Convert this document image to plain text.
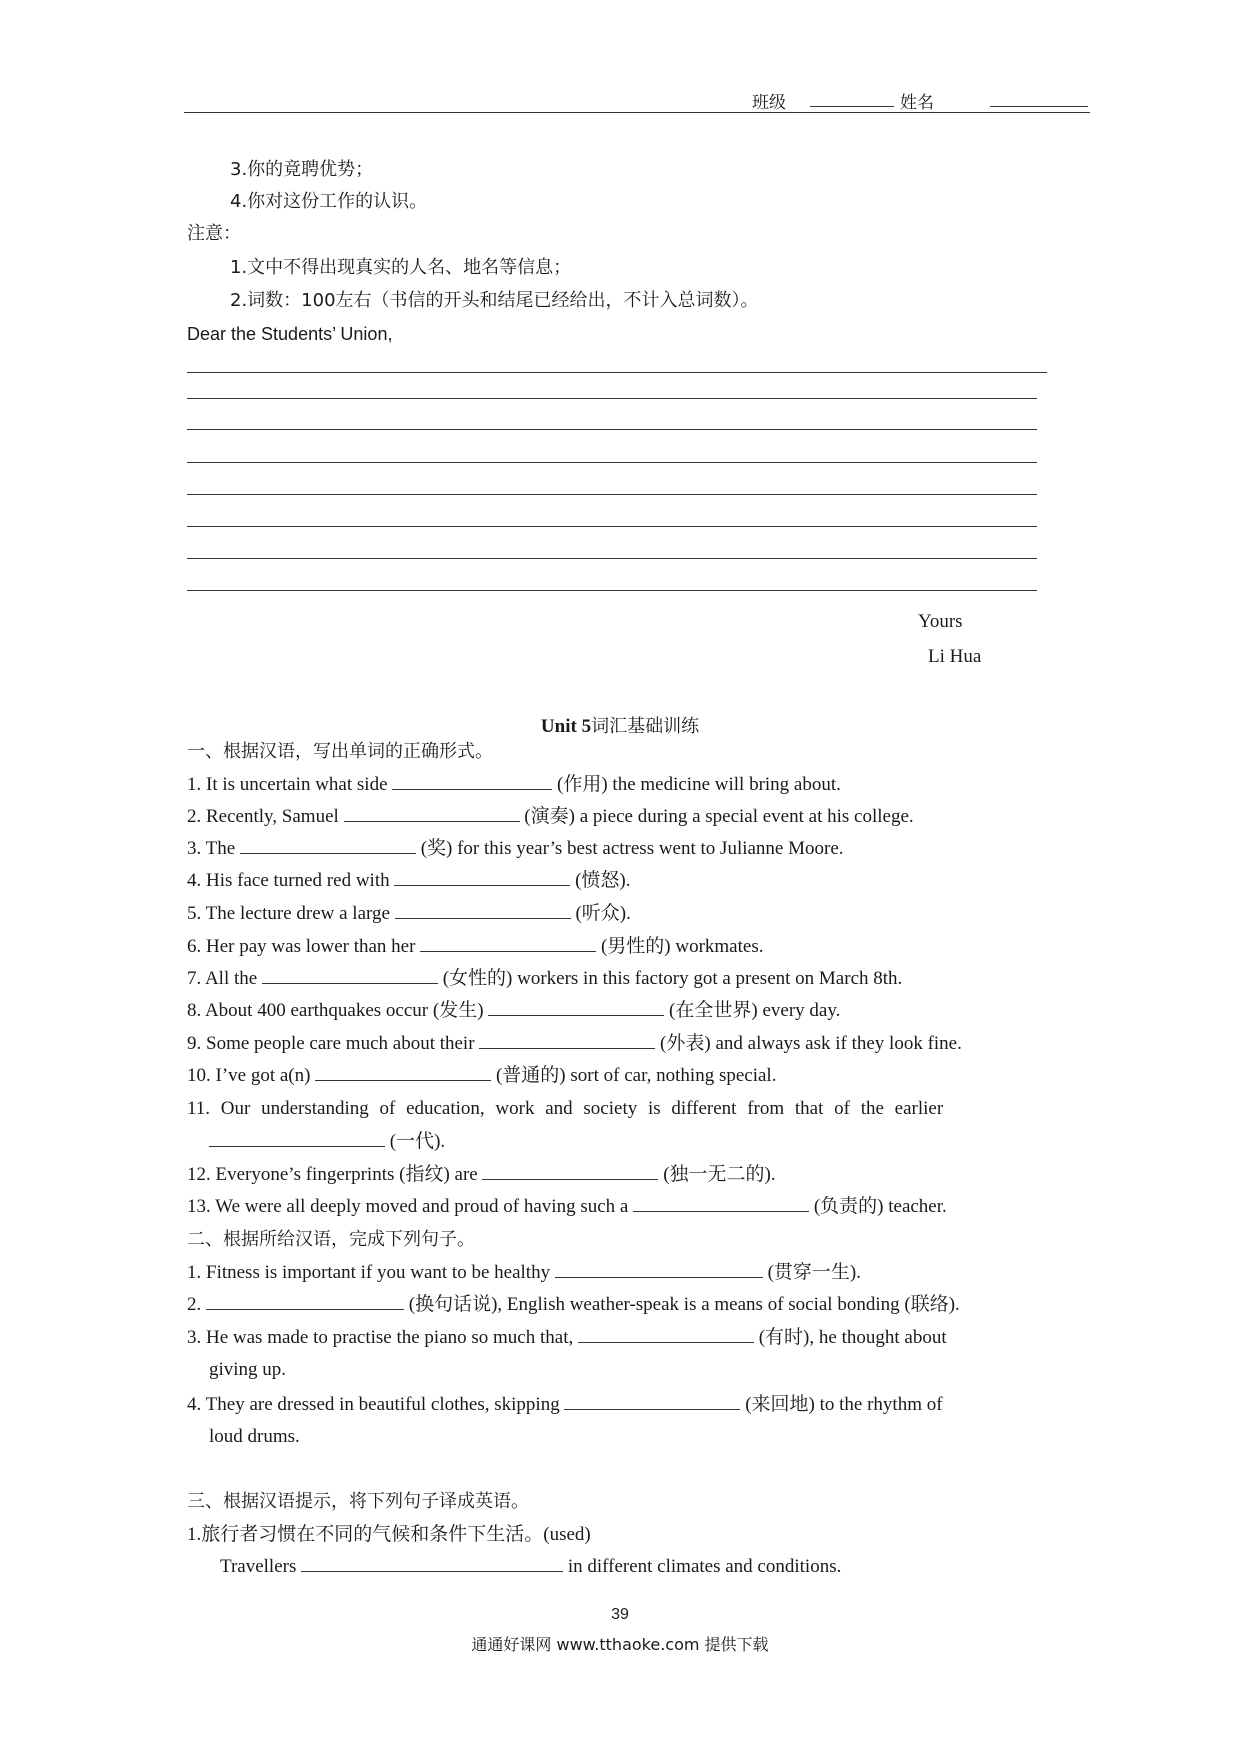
班级	姓名
3.你的竟聘优势；
4.你对这份工作的认识。
注意：
1.文中不得出现真实的人名、地名等信息；
2.词数：100左右（书信的开头和结尾已经给出，不计入总词数）。
Dear the Students’ Union,
Yours
Li Hua
Unit 5词汇基础训练
一、根据汉语，写出单词的正确形式。
1. It is uncertain what side	(作用) the medicine will bring about.
2. Recently, Samuel	(演奏) a piece during a special event at his college.
3. The	(奖) for this year’s best actress went to Julianne Moore.
4. His face turned red with	(愤怒).
5. The lecture drew a large	(听众).
6. Her pay was lower than her	(男性的) workmates.
7. All the	(女性的) workers in this factory got a present on March 8th.
8. About 400 earthquakes occur (发生)	(在全世界) every day.
9. Some people care much about their	(外表) and always ask if they look fine.
10. I’ve got a(n)	(普通的) sort of car, nothing special.
11. Our understanding of education, work and society is different from that of the earlier
(一代).
12. Everyone’s fingerprints (指纹) are	(独一无二的).
13. We were all deeply moved and proud of having such a	(负责的) teacher.
二、根据所给汉语，完成下列句子。
1. Fitness is important if you want to be healthy	(贯穿一生).
2.	(换句话说), English weather-speak is a means of social bonding (联络).
3. He was made to practise the piano so much that,	(有时), he thought about
giving up.
4. They are dressed in beautiful clothes, skipping	(来回地) to the rhythm of
loud drums.
三、根据汉语提示，将下列句子译成英语。
1.旅行者习惯在不同的气候和条件下生活。(used)
Travellers	in different climates and conditions.
39
通通好课网 www.tthaoke.com 提供下载
